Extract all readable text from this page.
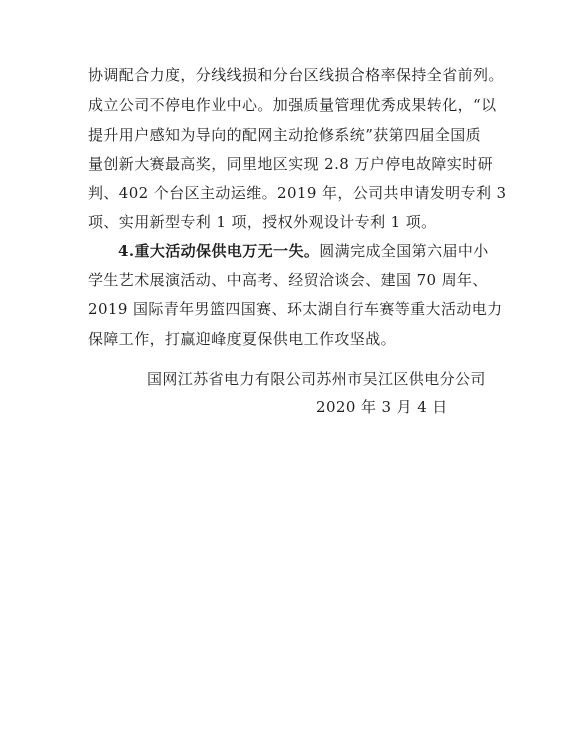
协调配合力度，分线线损和分台区线损合格率保持全省前列。
成立公司不停电作业中心。加强质量管理优秀成果转化，“以
提升用户感知为导向的配网主动抢修系统”获第四届全国质
量创新大赛最高奖，同里地区实现 2.8 万户停电故障实时研
判、402 个台区主动运维。2019 年，公司共申请发明专利 3
项、实用新型专利 1 项，授权外观设计专利 1 项。
4.重大活动保供电万无一失。圆满完成全国第六届中小
学生艺术展演活动、中高考、经贸洽谈会、建国 70 周年、
2019 国际青年男篮四国赛、环太湖自行车赛等重大活动电力
保障工作，打赢迎峰度夏保供电工作攻坚战。
国网江苏省电力有限公司苏州市吴江区供电分公司
2020 年 3 月 4 日
